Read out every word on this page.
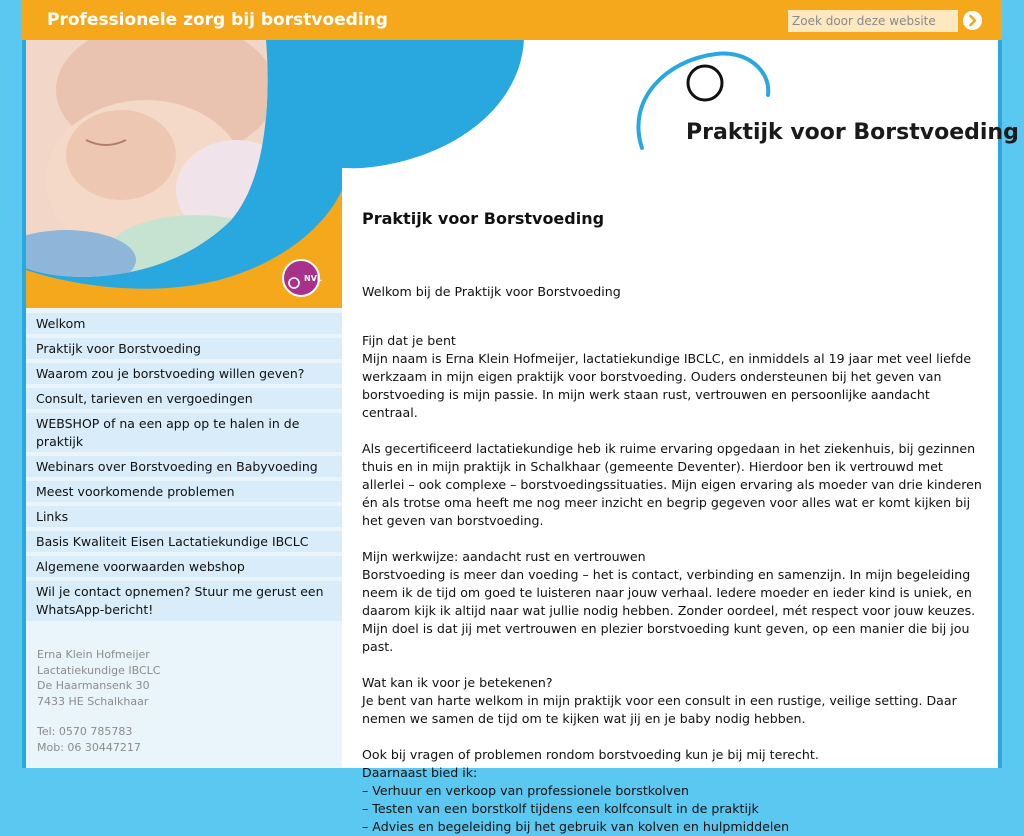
Professionele zorg bij borstvoeding
Zoek door deze website
NVL
Praktijk voor Borstvoeding
Welkom
Praktijk voor Borstvoeding
Waarom zou je borstvoeding willen geven?
Consult, tarieven en vergoedingen
WEBSHOP of na een app op te halen in de praktijk
Webinars over Borstvoeding en Babyvoeding
Meest voorkomende problemen
Links
Basis Kwaliteit Eisen Lactatiekundige IBCLC
Algemene voorwaarden webshop
Wil je contact opnemen? Stuur me gerust een WhatsApp-bericht!
Erna Klein Hofmeijer
Lactatiekundige IBCLC
De Haarmansenk 30
7433 HE Schalkhaar
Tel: 0570 785783
Mob: 06 30447217
Praktijk voor Borstvoeding

Welkom bij de Praktijk voor Borstvoeding

Fijn dat je bent
Mijn naam is Erna Klein Hofmeijer, lactatiekundige IBCLC, en inmiddels al 19 jaar met veel liefde werkzaam in mijn eigen praktijk voor borstvoeding. Ouders ondersteunen bij het geven van borstvoeding is mijn passie. In mijn werk staan rust, vertrouwen en persoonlijke aandacht centraal.

Als gecertificeerd lactatiekundige heb ik ruime ervaring opgedaan in het ziekenhuis, bij gezinnen thuis en in mijn praktijk in Schalkhaar (gemeente Deventer). Hierdoor ben ik vertrouwd met allerlei – ook complexe – borstvoedingssituaties. Mijn eigen ervaring als moeder van drie kinderen én als trotse oma heeft me nog meer inzicht en begrip gegeven voor alles wat er komt kijken bij het geven van borstvoeding.

Mijn werkwijze: aandacht rust en vertrouwen
Borstvoeding is meer dan voeding – het is contact, verbinding en samenzijn. In mijn begeleiding neem ik de tijd om goed te luisteren naar jouw verhaal. Iedere moeder en ieder kind is uniek, en daarom kijk ik altijd naar wat jullie nodig hebben. Zonder oordeel, mét respect voor jouw keuzes. Mijn doel is dat jij met vertrouwen en plezier borstvoeding kunt geven, op een manier die bij jou past.

Wat kan ik voor je betekenen?
Je bent van harte welkom in mijn praktijk voor een consult in een rustige, veilige setting. Daar nemen we samen de tijd om te kijken wat jij en je baby nodig hebben.

Ook bij vragen of problemen rondom borstvoeding kun je bij mij terecht.
Daarnaast bied ik:
– Verhuur en verkoop van professionele borstkolven
– Testen van een borstkolf tijdens een kolfconsult in de praktijk
– Advies en begeleiding bij het gebruik van kolven en hulpmiddelen
